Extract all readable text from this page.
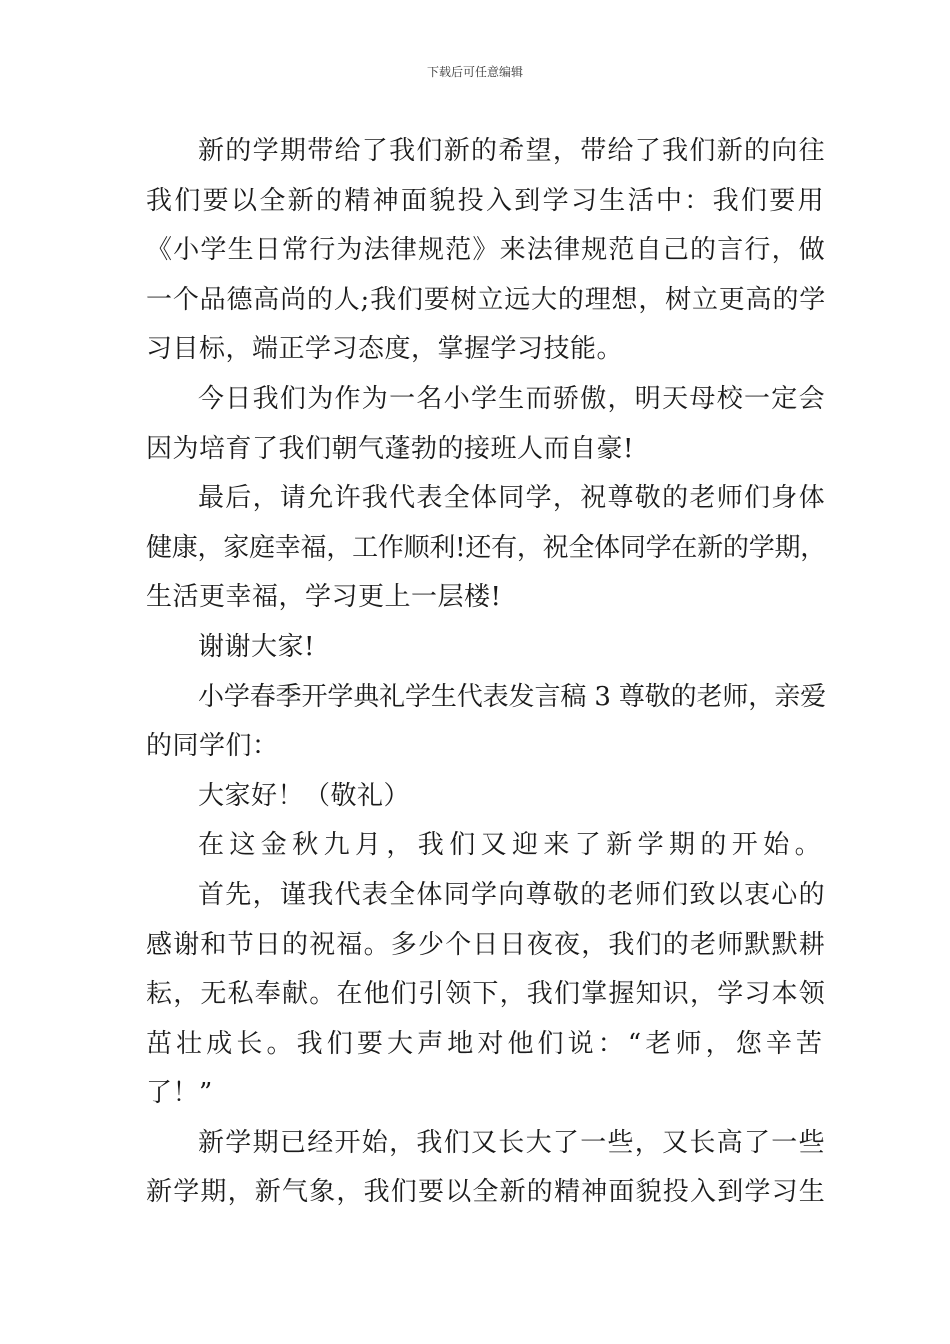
下载后可任意编辑

新的学期带给了我们新的希望，带给了我们新的向往
我们要以全新的精神面貌投入到学习生活中：我们要用
《小学生日常行为法律规范》来法律规范自己的言行，做
一个品德高尚的人;我们要树立远大的理想，树立更高的学
习目标，端正学习态度，掌握学习技能。

今日我们为作为一名小学生而骄傲，明天母校一定会
因为培育了我们朝气蓬勃的接班人而自豪!

最后，请允许我代表全体同学，祝尊敬的老师们身体
健康，家庭幸福，工作顺利!还有，祝全体同学在新的学期，
生活更幸福，学习更上一层楼!

谢谢大家!

小学春季开学典礼学生代表发言稿 3 尊敬的老师，亲爱
的同学们：

大家好！（敬礼）

在这金秋九月，我们又迎来了新学期的开始。

首先，谨我代表全体同学向尊敬的老师们致以衷心的
感谢和节日的祝福。多少个日日夜夜，我们的老师默默耕
耘，无私奉献。在他们引领下，我们掌握知识，学习本领
茁壮成长。我们要大声地对他们说：“老师，您辛苦
了！”

新学期已经开始，我们又长大了一些，又长高了一些
新学期，新气象，我们要以全新的精神面貌投入到学习生
